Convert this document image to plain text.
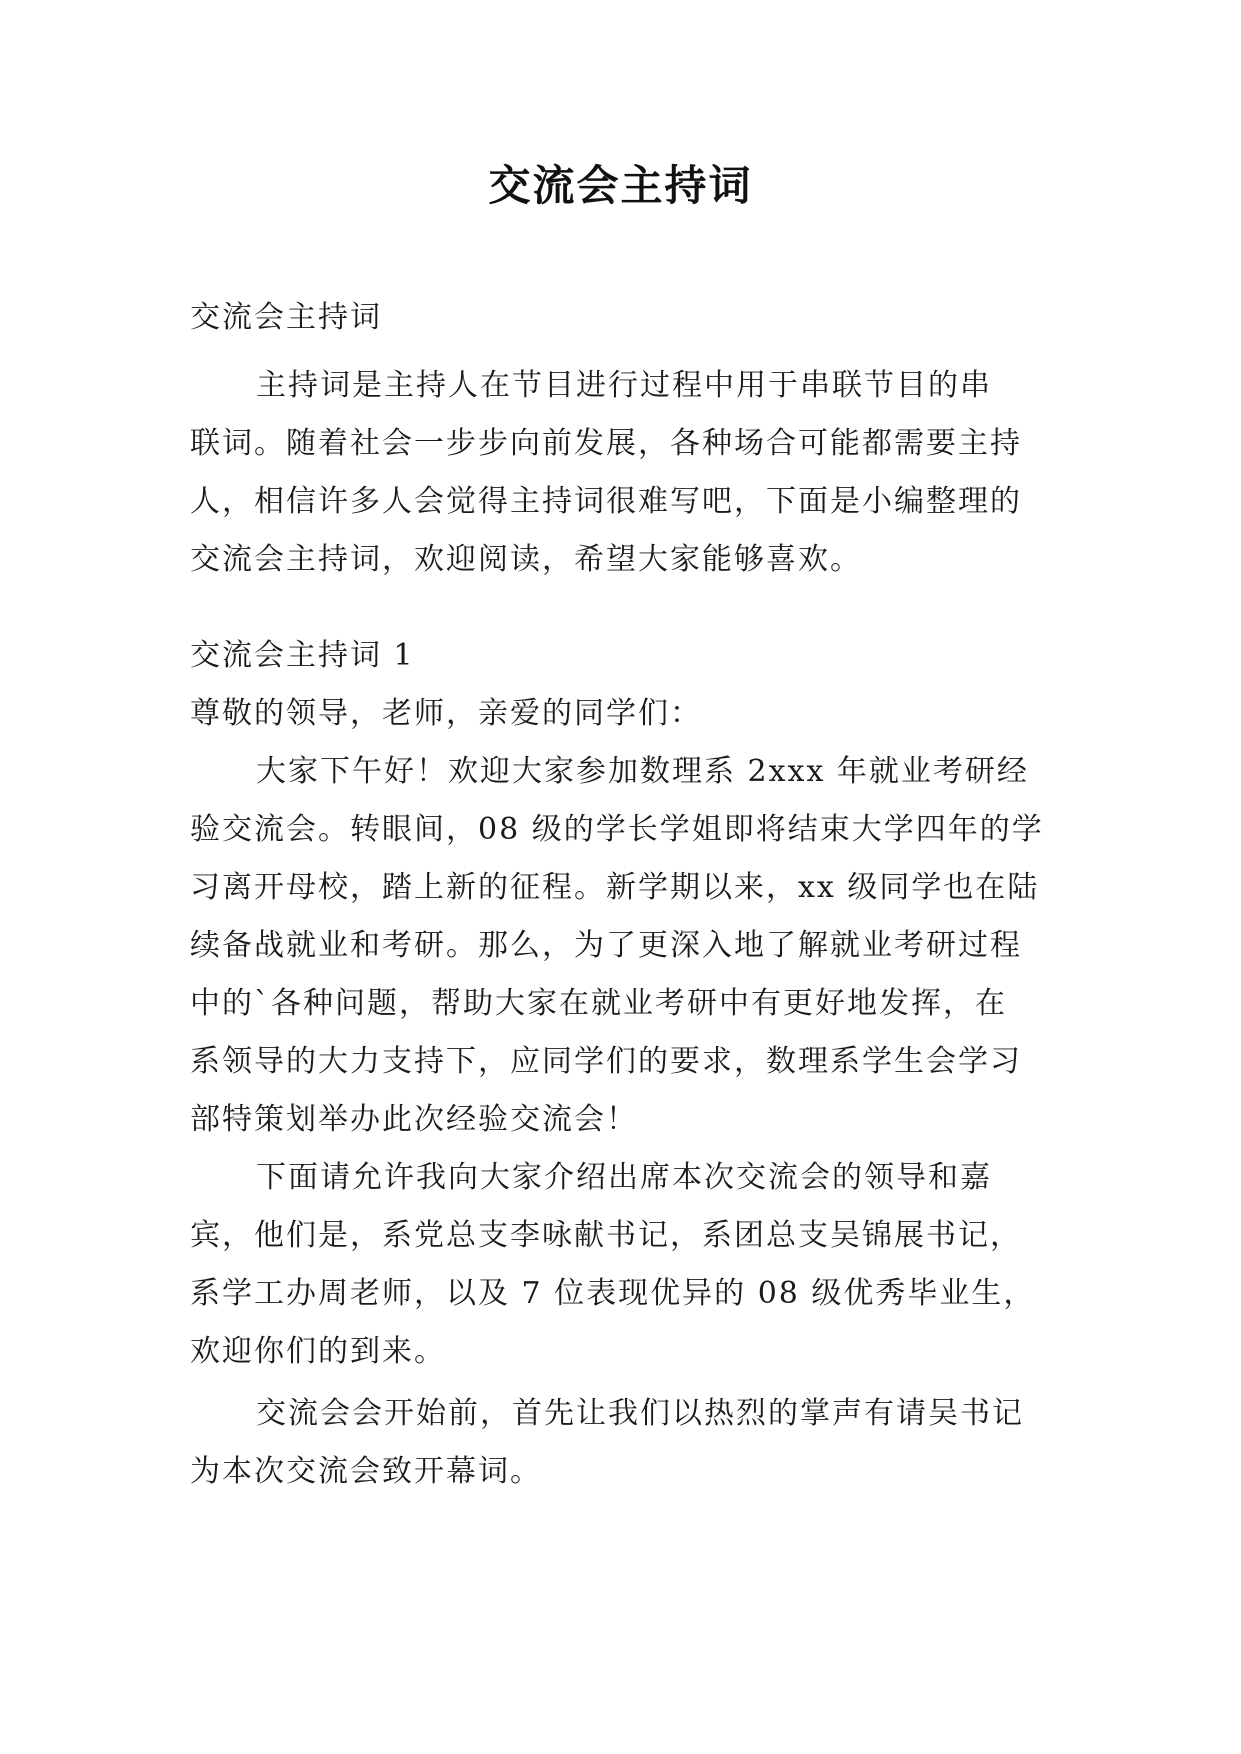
交流会主持词
交流会主持词
主持词是主持人在节目进行过程中用于串联节目的串
联词。随着社会一步步向前发展，各种场合可能都需要主持
人，相信许多人会觉得主持词很难写吧，下面是小编整理的
交流会主持词，欢迎阅读，希望大家能够喜欢。
交流会主持词 1
尊敬的领导，老师，亲爱的同学们：
大家下午好！欢迎大家参加数理系 2xxx 年就业考研经
验交流会。转眼间，08 级的学长学姐即将结束大学四年的学
习离开母校，踏上新的征程。新学期以来，xx 级同学也在陆
续备战就业和考研。那么，为了更深入地了解就业考研过程
中的`各种问题，帮助大家在就业考研中有更好地发挥，在
系领导的大力支持下，应同学们的要求，数理系学生会学习
部特策划举办此次经验交流会！
下面请允许我向大家介绍出席本次交流会的领导和嘉
宾，他们是，系党总支李咏献书记，系团总支吴锦展书记，
系学工办周老师，以及 7 位表现优异的 08 级优秀毕业生，
欢迎你们的到来。
交流会会开始前，首先让我们以热烈的掌声有请吴书记
为本次交流会致开幕词。
